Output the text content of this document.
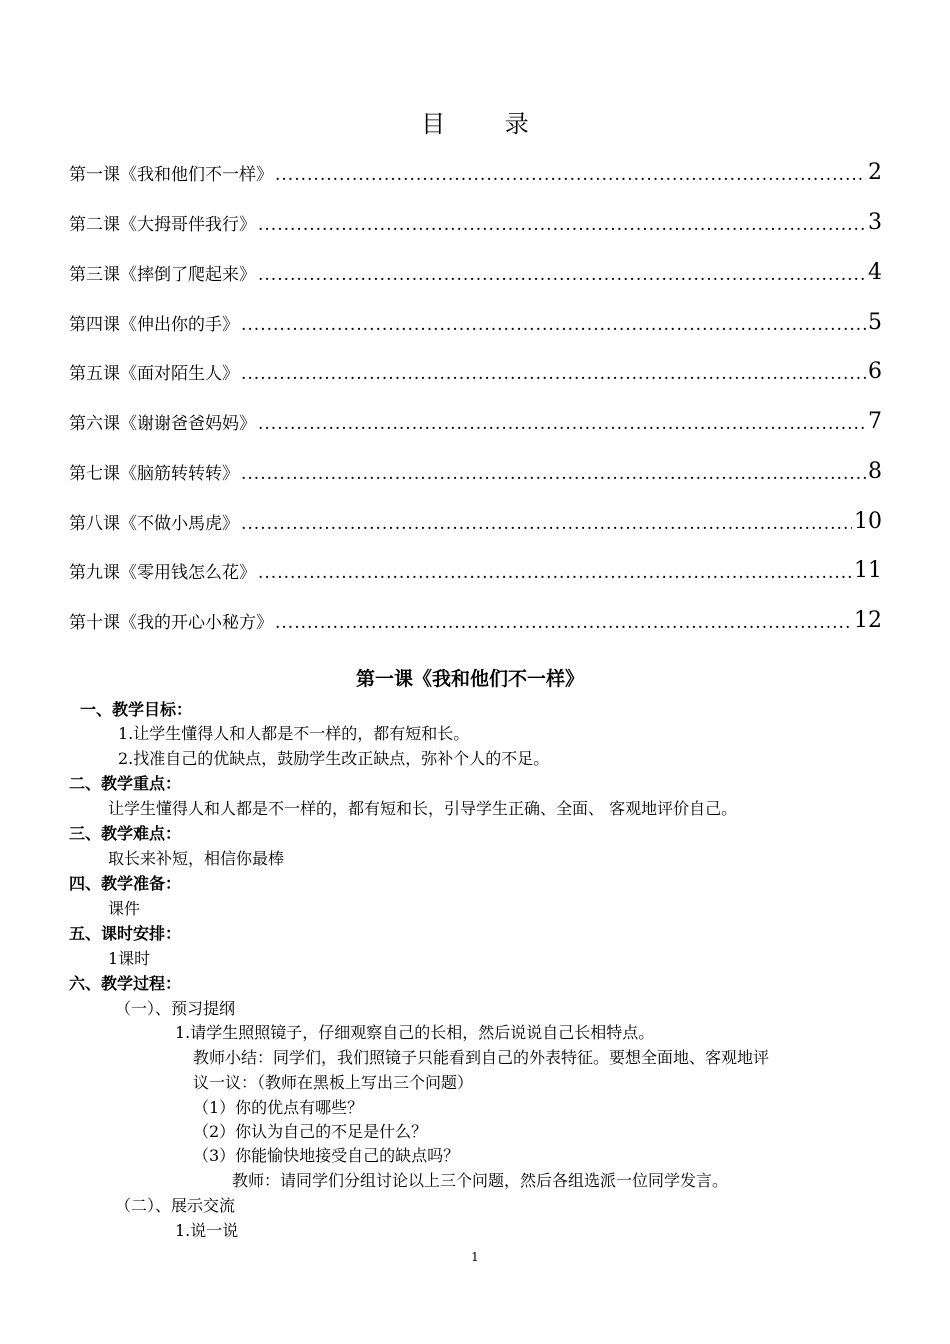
目 录
第一课《我和他们不一样》 .....	2
第二课《大拇哥伴我行》 .....	3
第三课《摔倒了爬起来》 .....	4
第四课《伸出你的手》 .....	5
第五课《面对陌生人》 .....	6
第六课《谢谢爸爸妈妈》 .....	7
第七课《脑筋转转转》 .....	8
第八课《不做小馬虎》 .....	10
第九课《零用钱怎么花》 .....	11
第十课《我的开心小秘方》 .....	12
第一课《我和他们不一样》
一、教学目标：
1.让学生懂得人和人都是不一样的，都有短和长。
2.找准自己的优缺点，鼓励学生改正缺点，弥补个人的不足。
二、教学重点：
让学生懂得人和人都是不一样的，都有短和长，引导学生正确、全面、 客观地评价自己。
三、教学难点：
取长来补短，相信你最棒
四、教学准备：
课件
五、课时安排：
1课时
六、教学过程：
（一）、预习提纲
1.请学生照照镜子，仔细观察自己的长相，然后说说自己长相特点。
教师小结：同学们，我们照镜子只能看到自己的外表特征。要想全面地、客观地评
议一议：（教师在黑板上写出三个问题）
（1）你的优点有哪些？
（2）你认为自己的不足是什么？
（3）你能愉快地接受自己的缺点吗？
教师：请同学们分组讨论以上三个问题，然后各组选派一位同学发言。
（二）、展示交流
1.说一说
1
